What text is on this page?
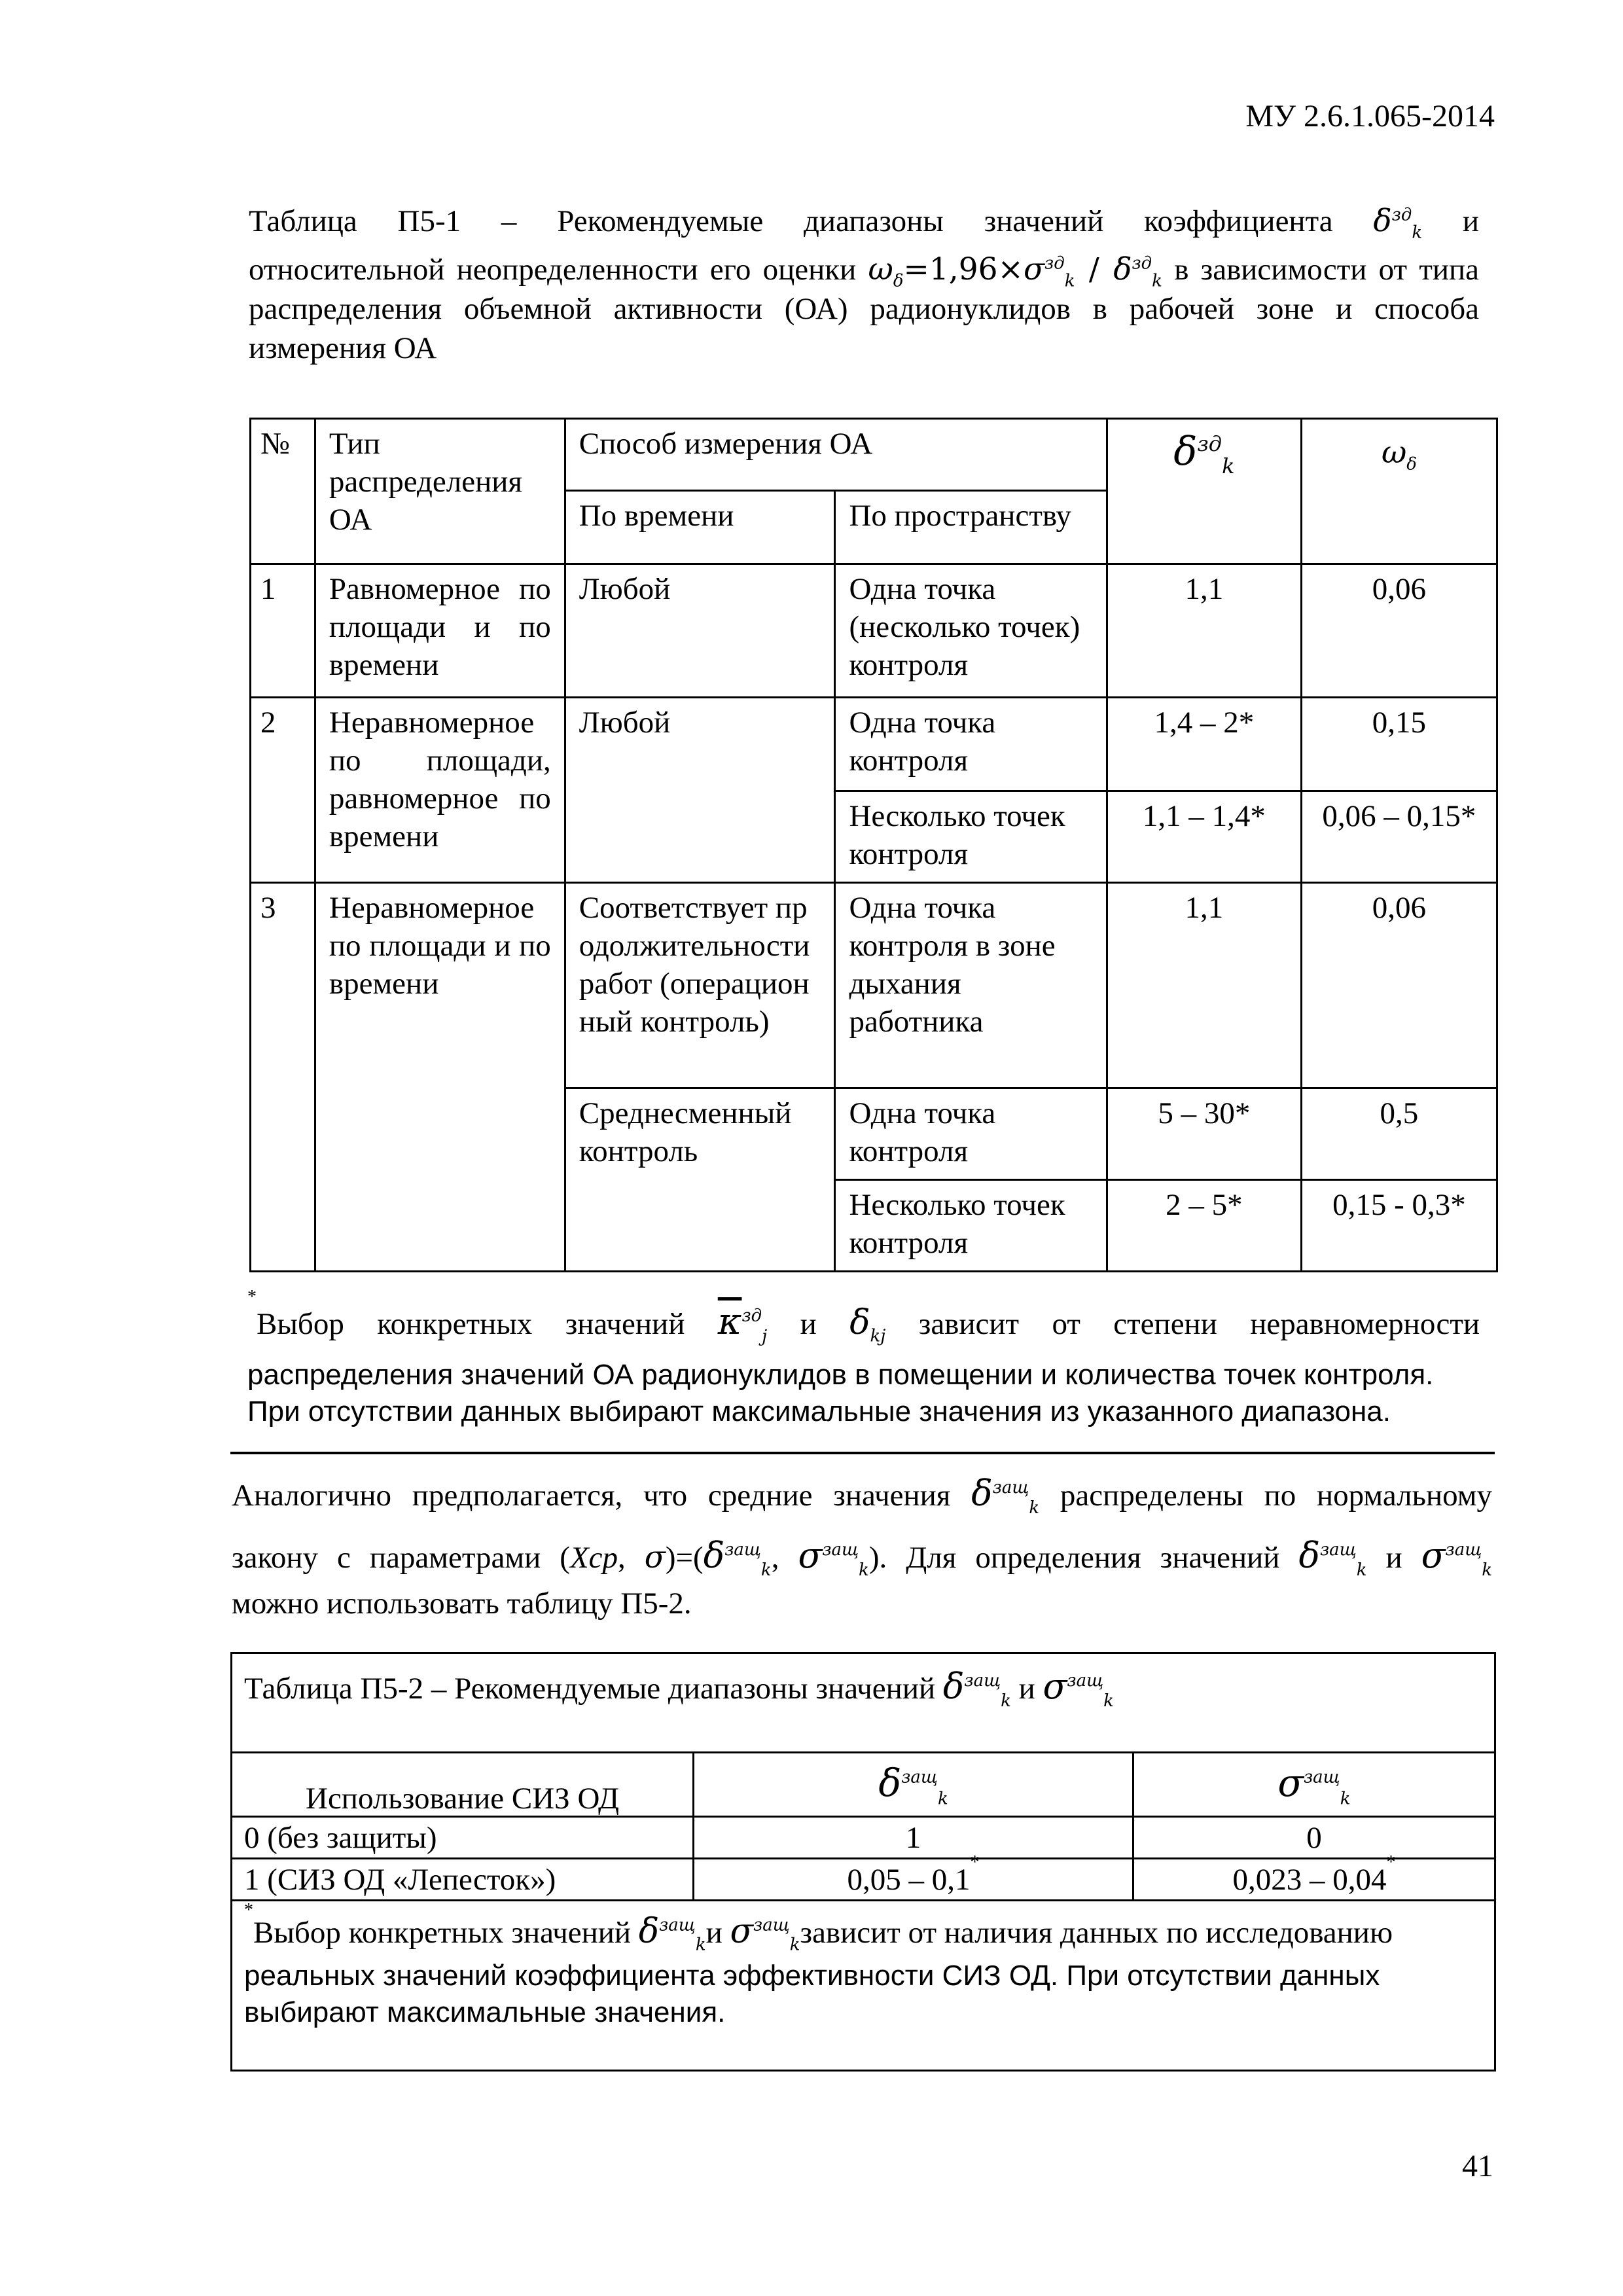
МУ 2.6.1.065-2014
Таблица П5-1 – Рекомендуемые диапазоны значений коэффициента $\delta^{зд}_k$ и
относительной неопределенности его оценки $\omega_\delta=1,96\times\sigma^{зд}_k / \delta^{зд}_k$ в зависимости от типа
распределения объемной активности (ОА) радионуклидов в рабочей зоне и способа
измерения ОА
№	Тип распределения ОА	Способ измерения ОА		$\delta^{зд}_k$	$\omega_\delta$
		По времени	По пространству		
1	Равномерное по площади и по времени	Любой	Одна точка (несколько точек) контроля	1,1	0,06
2	Неравномерное по площади, равномерное по времени	Любой	Одна точка контроля	1,4 – 2*	0,15
			Несколько точек контроля	1,1 – 1,4*	0,06 – 0,15*
3	Неравномерное по площади и по времени	Соответствует продолжительности работ (операционный контроль)	Одна точка контроля в зоне дыхания работника	1,1	0,06
		Среднесменный контроль	Одна точка контроля	5 – 30*	0,5
			Несколько точек контроля	2 – 5*	0,15 - 0,3*
*Выбор конкретных значений $\overline{\kappa}^{зд}_j$ и $\delta_{kj}$ зависит от степени неравномерности
распределения значений ОА радионуклидов в помещении и количества точек контроля.
При отсутствии данных выбирают максимальные значения из указанного диапазона.
Аналогично предполагается, что средние значения $\delta^{защ}_k$ распределены по нормальному
законy с параметрами (Xср, $\sigma)=(\delta^{защ}_k$, $\sigma^{защ}_k$). Для определения значений $\delta^{защ}_k$ и $\sigma^{защ}_k$
можно использовать таблицу П5-2.
Таблица П5-2 – Рекомендуемые диапазоны значений $\delta^{защ}_k$ и $\sigma^{защ}_k$
Использование СИЗ ОД	$\delta^{защ}_k$	$\sigma^{защ}_k$
0 (без защиты)	1	0
1 (СИЗ ОД «Лепесток»)	0,05 – 0,1*	0,023 – 0,04*

*Выбор конкретных значений $\delta^{защ}_kи$ $\sigma^{защ}_kзависит$ от наличия данных по исследованию
реальных значений коэффициента эффективности СИЗ ОД. При отсутствии данных
выбирают максимальные значения.		
41
